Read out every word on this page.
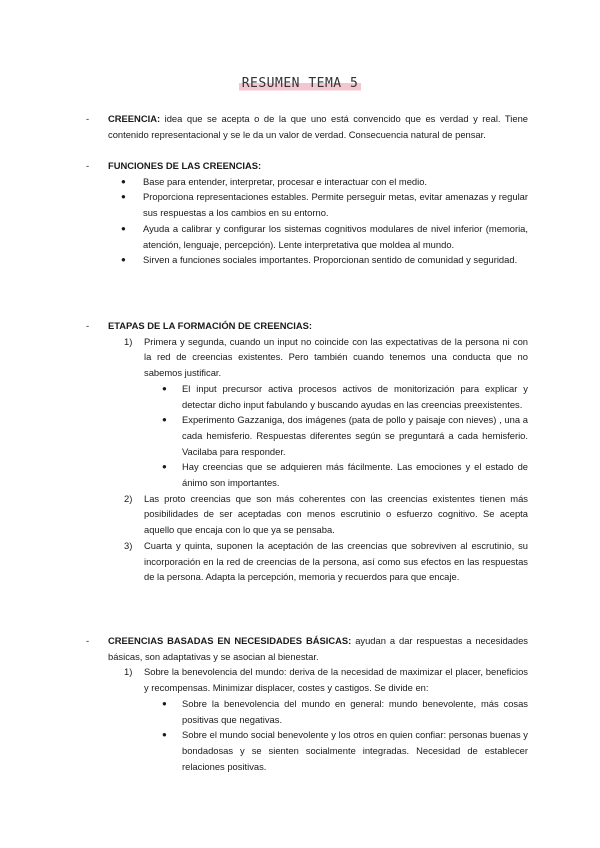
RESUMEN TEMA 5
- CREENCIA: idea que se acepta o de la que uno está convencido que es verdad y real. Tiene contenido representacional y se le da un valor de verdad. Consecuencia natural de pensar.
- FUNCIONES DE LAS CREENCIAS:
● Base para entender, interpretar, procesar e interactuar con el medio.
● Proporciona representaciones estables. Permite perseguir metas, evitar amenazas y regular sus respuestas a los cambios en su entorno.
● Ayuda a calibrar y configurar los sistemas cognitivos modulares de nivel inferior (memoria, atención, lenguaje, percepción). Lente interpretativa que moldea al mundo.
● Sirven a funciones sociales importantes. Proporcionan sentido de comunidad y seguridad.
- ETAPAS DE LA FORMACIÓN DE CREENCIAS:
1) Primera y segunda, cuando un input no coincide con las expectativas de la persona ni con la red de creencias existentes. Pero también cuando tenemos una conducta que no sabemos justificar.
● El input precursor activa procesos activos de monitorización para explicar y detectar dicho input fabulando y buscando ayudas en las creencias preexistentes.
● Experimento Gazzaniga, dos imágenes (pata de pollo y paisaje con nieves) , una a cada hemisferio. Respuestas diferentes según se preguntará a cada hemisferio. Vacilaba para responder.
● Hay creencias que se adquieren más fácilmente. Las emociones y el estado de ánimo son importantes.
2) Las proto creencias que son más coherentes con las creencias existentes tienen más posibilidades de ser aceptadas con menos escrutinio o esfuerzo cognitivo. Se acepta aquello que encaja con lo que ya se pensaba.
3) Cuarta y quinta, suponen la aceptación de las creencias que sobreviven al escrutinio, su incorporación en la red de creencias de la persona, así como sus efectos en las respuestas de la persona. Adapta la percepción, memoria y recuerdos para que encaje.
- CREENCIAS BASADAS EN NECESIDADES BÁSICAS: ayudan a dar respuestas a necesidades básicas, son adaptativas y se asocian al bienestar.
1) Sobre la benevolencia del mundo: deriva de la necesidad de maximizar el placer, beneficios y recompensas. Minimizar displacer, costes y castigos. Se divide en:
● Sobre la benevolencia del mundo en general: mundo benevolente, más cosas positivas que negativas.
● Sobre el mundo social benevolente y los otros en quien confiar: personas buenas y bondadosas y se sienten socialmente integradas. Necesidad de establecer relaciones positivas.
